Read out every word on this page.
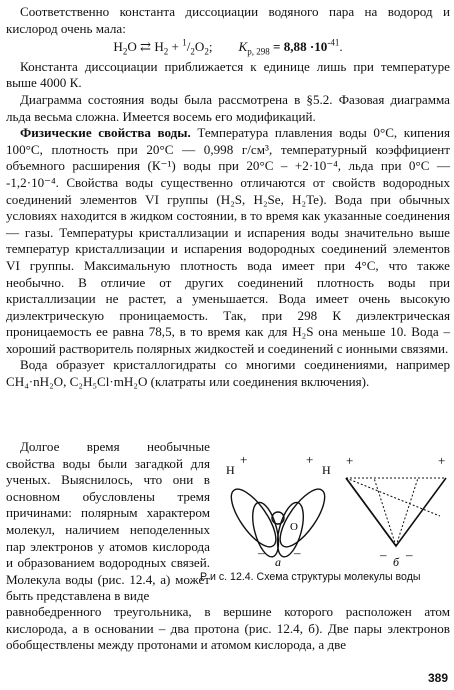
Соответственно константа диссоциации водяного пара на водород и кислород очень мала:

$H_2O$ ⇄ $H_2 + ^1/_2O_2$; $K_{p, 298} = 8,88 \cdot 10^{-41}$.

Константа диссоциации приближается к единице лишь при температуре выше 4000 К.

Диаграмма состояния воды была рассмотрена в §5.2. Фазовая диаграмма льда весьма сложна. Имеется восемь его модификаций.

Физические свойства воды. Температура плавления воды 0°С, кипения 100°С, плотность при 20°С — 0,998 г/см³, температурный коэффициент объемного расширения (К⁻¹) воды при 20°С – +2·10⁻⁴, льда при 0°С — -1,2·10⁻⁴. Свойства воды существенно отличаются от свойств водородных соединений элементов VI группы (H₂S, H₂Se, H₂Te). Вода при обычных условиях находится в жидком состоянии, в то время как указанные соединения — газы. Температуры кристаллизации и испарения воды значительно выше температур кристаллизации и испарения водородных соединений элементов VI группы. Максимальную плотность вода имеет при 4°С, что также необычно. В отличие от других соединений плотность воды при кристаллизации не растет, а уменьшается. Вода имеет очень высокую диэлектрическую проницаемость. Так, при 298 К диэлектрическая проницаемость ее равна 78,5, в то время как для H₂S она меньше 10. Вода – хороший растворитель полярных жидкостей и соединений с ионными связями.

Вода образует кристаллогидраты со многими соединениями, например CH₄·nH₂O, C₂H₅Cl·mH₂O (клатраты или соединения включения).

Долгое время необычные свойства воды были загадкой для ученых. Выяснилось, что они в основном обусловлены тремя причинами: полярным характером молекул, наличием неподеленных пар электронов у атомов кислорода и образованием водородных связей. Молекула воды (рис. 12.4, а) может быть представлена в виде

равнобедренного треугольника, в вершине которого расположен атом кислорода, а в основании – два протона (рис. 12.4, б). Две пары электронов обобществлены между протонами и атомом кислорода, а две

H	H
O
+	+
– –
а
+	+
– –
б
Р и с. 12.4. Схема структуры молекулы воды
389
